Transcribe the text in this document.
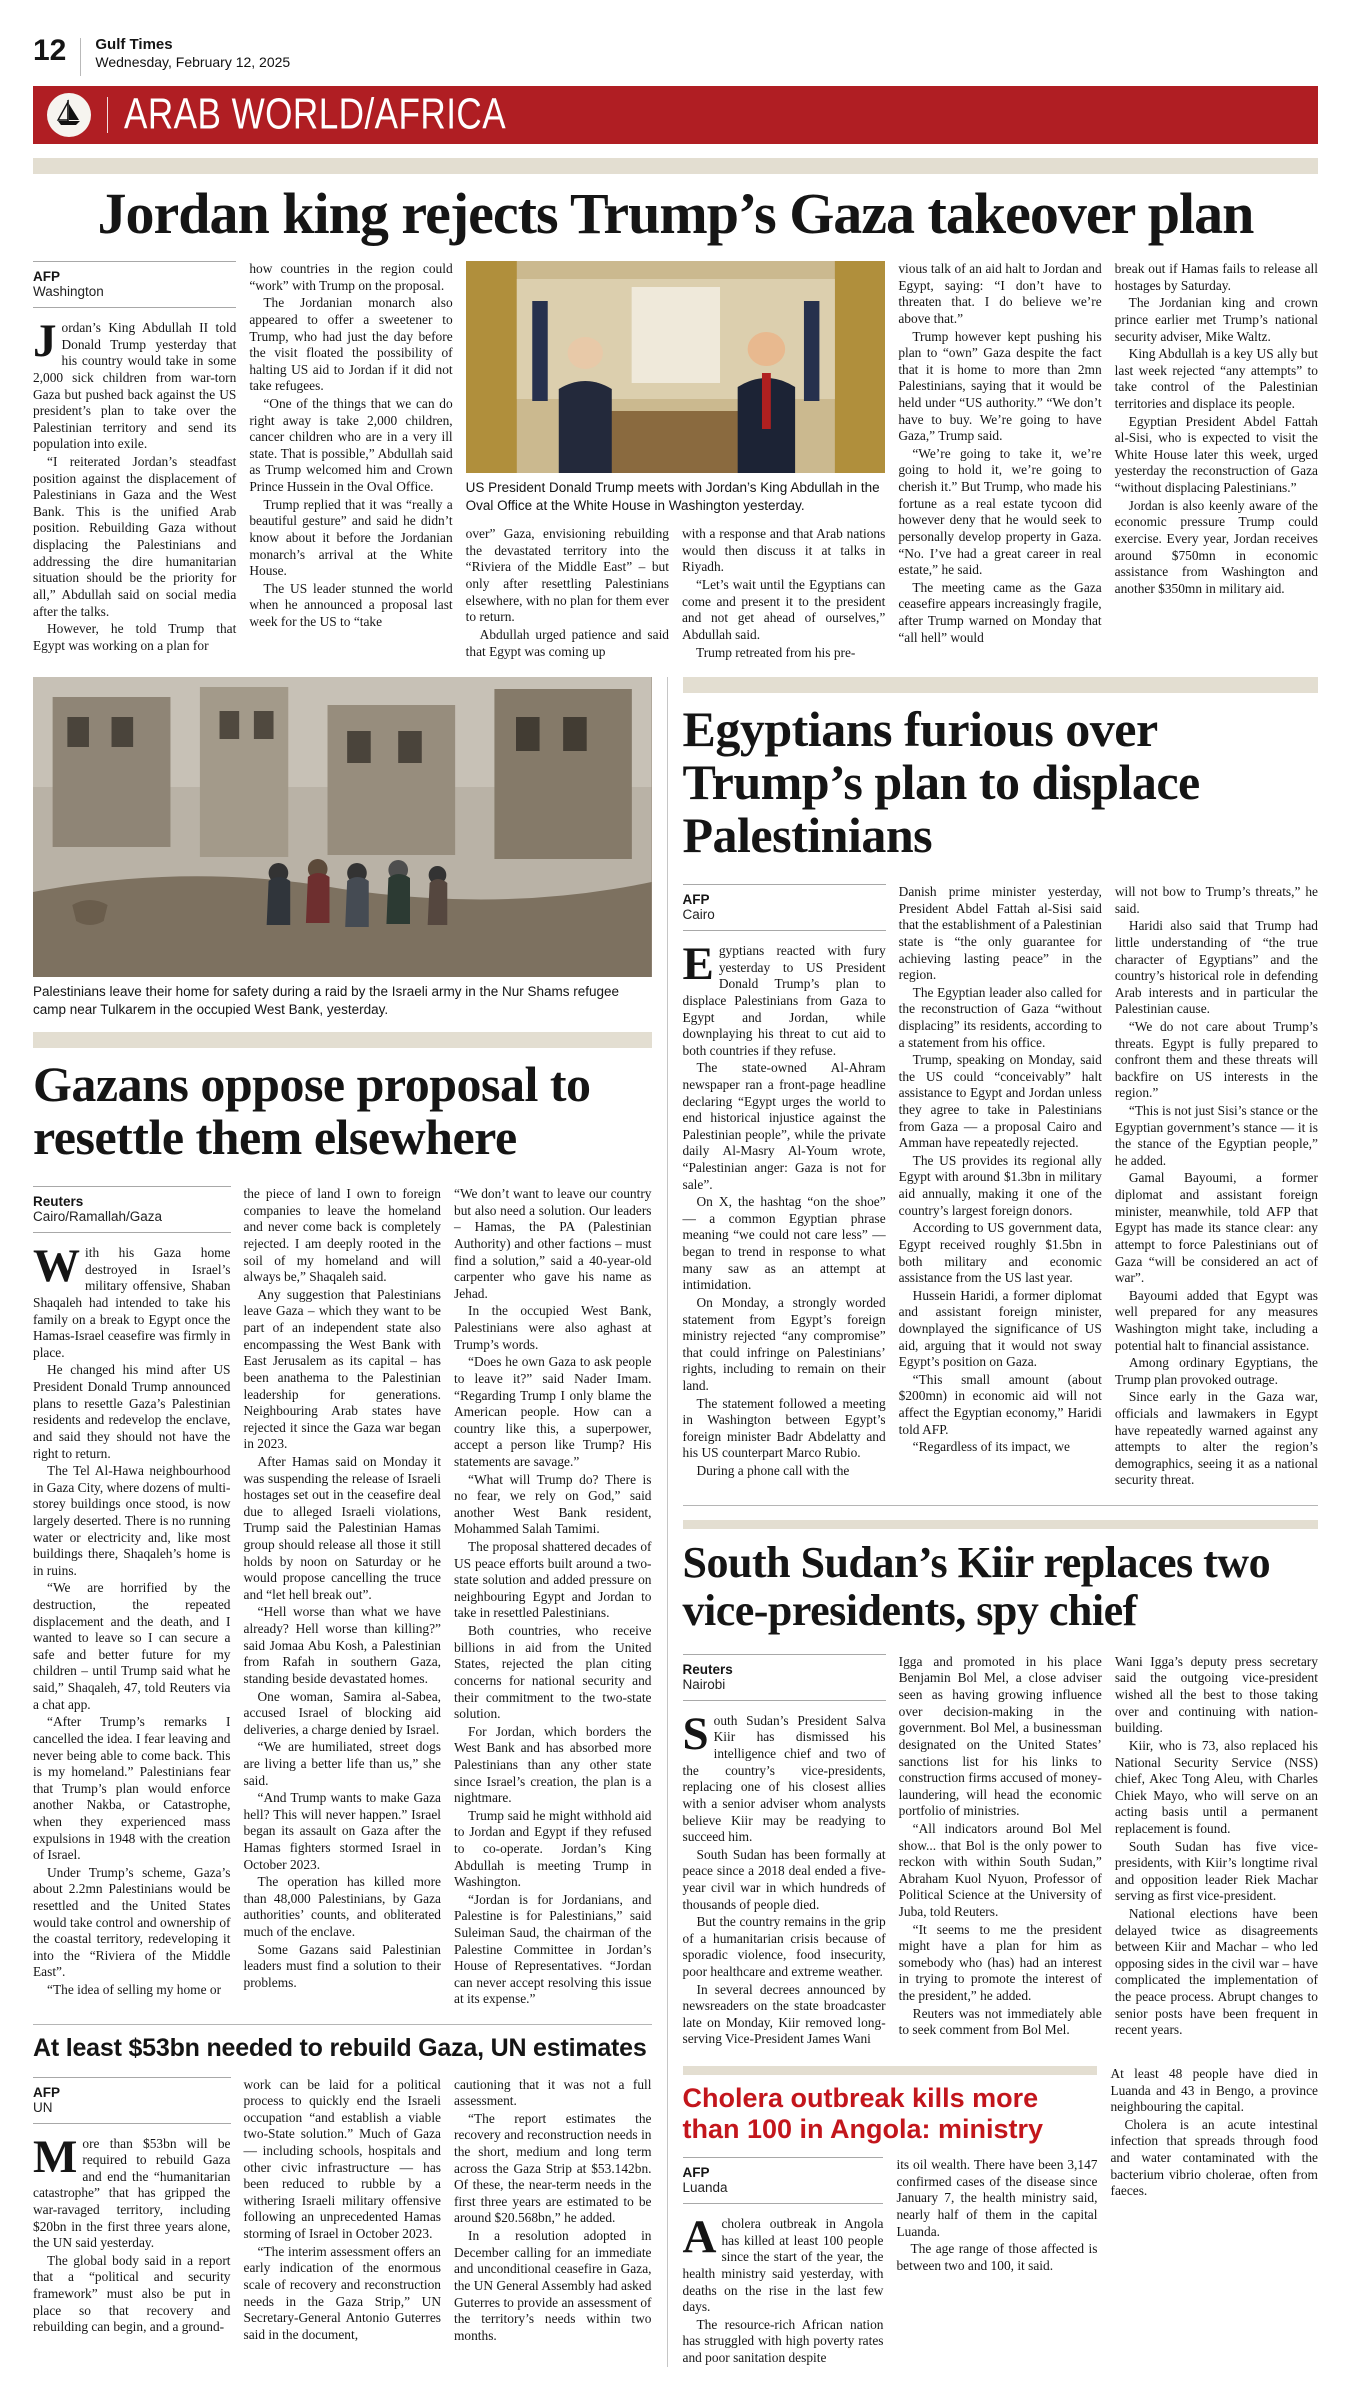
12 Gulf Times
Wednesday, February 12, 2025
ARAB WORLD/AFRICA
Jordan king rejects Trump’s Gaza takeover plan
AFP
Washington

Jordan’s King Abdullah II told Donald Trump yesterday that his country would take in some 2,000 sick children from war-torn Gaza but pushed back against the US president’s plan to take over the Palestinian territory and send its population into exile.

“I reiterated Jordan’s steadfast position against the displacement of Palestinians in Gaza and the West Bank. This is the unified Arab position. Rebuilding Gaza without displacing the Palestinians and addressing the dire humanitarian situation should be the priority for all,” Abdullah said on social media after the talks.

However, he told Trump that Egypt was working on a plan for

how countries in the region could “work” with Trump on the proposal.

The Jordanian monarch also appeared to offer a sweetener to Trump, who had just the day before the visit floated the possibility of halting US aid to Jordan if it did not take refugees.

“One of the things that we can do right away is take 2,000 children, cancer children who are in a very ill state. That is possible,” Abdullah said as Trump welcomed him and Crown Prince Hussein in the Oval Office.

Trump replied that it was “really a beautiful gesture” and said he didn’t know about it before the Jordanian monarch’s arrival at the White House.

The US leader stunned the world when he announced a proposal last week for the US to “take

US President Donald Trump meets with Jordan’s King Abdullah in the Oval Office at the White House in Washington yesterday.

over” Gaza, envisioning rebuilding the devastated territory into the “Riviera of the Middle East” – but only after resettling Palestinians elsewhere, with no plan for them ever to return.

Abdullah urged patience and said that Egypt was coming up

with a response and that Arab nations would then discuss it at talks in Riyadh.

“Let’s wait until the Egyptians can come and present it to the president and not get ahead of ourselves,” Abdullah said.

Trump retreated from his pre-

vious talk of an aid halt to Jordan and Egypt, saying: “I don’t have to threaten that. I do believe we’re above that.”

Trump however kept pushing his plan to “own” Gaza despite the fact that it is home to more than 2mn Palestinians, saying that it would be held under “US authority.” “We don’t have to buy. We’re going to have Gaza,” Trump said.

“We’re going to take it, we’re going to hold it, we’re going to cherish it.” But Trump, who made his fortune as a real estate tycoon did however deny that he would seek to personally develop property in Gaza. “No. I’ve had a great career in real estate,” he said.

The meeting came as the Gaza ceasefire appears increasingly fragile, after Trump warned on Monday that “all hell” would

break out if Hamas fails to release all hostages by Saturday.

The Jordanian king and crown prince earlier met Trump’s national security adviser, Mike Waltz.

King Abdullah is a key US ally but last week rejected “any attempts” to take control of the Palestinian territories and displace its people.

Egyptian President Abdel Fattah al-Sisi, who is expected to visit the White House later this week, urged yesterday the reconstruction of Gaza “without displacing Palestinians.”

Jordan is also keenly aware of the economic pressure Trump could exercise. Every year, Jordan receives around $750mn in economic assistance from Washington and another $350mn in military aid.

Palestinians leave their home for safety during a raid by the Israeli army in the Nur Shams refugee camp near Tulkarem in the occupied West Bank, yesterday.
Gazans oppose proposal to resettle them elsewhere
Reuters
Cairo/Ramallah/Gaza

With his Gaza home destroyed in Israel’s military offensive, Shaban Shaqaleh had intended to take his family on a break to Egypt once the Hamas-Israel ceasefire was firmly in place.

He changed his mind after US President Donald Trump announced plans to resettle Gaza’s Palestinian residents and redevelop the enclave, and said they should not have the right to return.

The Tel Al-Hawa neighbourhood in Gaza City, where dozens of multi-storey buildings once stood, is now largely deserted. There is no running water or electricity and, like most buildings there, Shaqaleh’s home is in ruins.

“We are horrified by the destruction, the repeated displacement and the death, and I wanted to leave so I can secure a safe and better future for my children – until Trump said what he said,” Shaqaleh, 47, told Reuters via a chat app.

“After Trump’s remarks I cancelled the idea. I fear leaving and never being able to come back. This is my homeland.” Palestinians fear that Trump’s plan would enforce another Nakba, or Catastrophe, when they experienced mass expulsions in 1948 with the creation of Israel.

Under Trump’s scheme, Gaza’s about 2.2mn Palestinians would be resettled and the United States would take control and ownership of the coastal territory, redeveloping it into the “Riviera of the Middle East”.

“The idea of selling my home or

the piece of land I own to foreign companies to leave the homeland and never come back is completely rejected. I am deeply rooted in the soil of my homeland and will always be,” Shaqaleh said.

Any suggestion that Palestinians leave Gaza – which they want to be part of an independent state also encompassing the West Bank with East Jerusalem as its capital – has been anathema to the Palestinian leadership for generations. Neighbouring Arab states have rejected it since the Gaza war began in 2023.

After Hamas said on Monday it was suspending the release of Israeli hostages set out in the ceasefire deal due to alleged Israeli violations, Trump said the Palestinian Hamas group should release all those it still holds by noon on Saturday or he would propose cancelling the truce and “let hell break out”.

“Hell worse than what we have already? Hell worse than killing?” said Jomaa Abu Kosh, a Palestinian from Rafah in southern Gaza, standing beside devastated homes.

One woman, Samira al-Sabea, accused Israel of blocking aid deliveries, a charge denied by Israel.

“We are humiliated, street dogs are living a better life than us,” she said.

“And Trump wants to make Gaza hell? This will never happen.” Israel began its assault on Gaza after the Hamas fighters stormed Israel in October 2023.

The operation has killed more than 48,000 Palestinians, by Gaza authorities’ counts, and obliterated much of the enclave.

Some Gazans said Palestinian leaders must find a solution to their problems.

“We don’t want to leave our country but also need a solution. Our leaders – Hamas, the PA (Palestinian Authority) and other factions – must find a solution,” said a 40-year-old carpenter who gave his name as Jehad.

In the occupied West Bank, Palestinians were also aghast at Trump’s words.

“Does he own Gaza to ask people to leave it?” said Nader Imam. “Regarding Trump I only blame the American people. How can a country like this, a superpower, accept a person like Trump? His statements are savage.”

“What will Trump do? There is no fear, we rely on God,” said another West Bank resident, Mohammed Salah Tamimi.

The proposal shattered decades of US peace efforts built around a two-state solution and added pressure on neighbouring Egypt and Jordan to take in resettled Palestinians.

Both countries, who receive billions in aid from the United States, rejected the plan citing concerns for national security and their commitment to the two-state solution.

For Jordan, which borders the West Bank and has absorbed more Palestinians than any other state since Israel’s creation, the plan is a nightmare.

Trump said he might withhold aid to Jordan and Egypt if they refused to co-operate. Jordan’s King Abdullah is meeting Trump in Washington.

“Jordan is for Jordanians, and Palestine is for Palestinians,” said Suleiman Saud, the chairman of the Palestine Committee in Jordan’s House of Representatives. “Jordan can never accept resolving this issue at its expense.”

At least $53bn needed to rebuild Gaza, UN estimates
AFP
UN

More than $53bn will be required to rebuild Gaza and end the “humanitarian catastrophe” that has gripped the war-ravaged territory, including $20bn in the first three years alone, the UN said yesterday.

The global body said in a report that a “political and security framework” must also be put in place so that recovery and rebuilding can begin, and a ground-

work can be laid for a political process to quickly end the Israeli occupation “and establish a viable two-State solution.” Much of Gaza — including schools, hospitals and other civic infrastructure — has been reduced to rubble by a withering Israeli military offensive following an unprecedented Hamas storming of Israel in October 2023.

“The interim assessment offers an early indication of the enormous scale of recovery and reconstruction needs in the Gaza Strip,” UN Secretary-General Antonio Guterres said in the document,

cautioning that it was not a full assessment.

“The report estimates the recovery and reconstruction needs in the short, medium and long term across the Gaza Strip at $53.142bn. Of these, the near-term needs in the first three years are estimated to be around $20.568bn,” he added.

In a resolution adopted in December calling for an immediate and unconditional ceasefire in Gaza, the UN General Assembly had asked Guterres to provide an assessment of the territory’s needs within two months.

Egyptians furious over Trump’s plan to displace Palestinians
AFP
Cairo

Egyptians reacted with fury yesterday to US President Donald Trump’s plan to displace Palestinians from Gaza to Egypt and Jordan, while downplaying his threat to cut aid to both countries if they refuse.

The state-owned Al-Ahram newspaper ran a front-page headline declaring “Egypt urges the world to end historical injustice against the Palestinian people”, while the private daily Al-Masry Al-Youm wrote, “Palestinian anger: Gaza is not for sale”.

On X, the hashtag “on the shoe” — a common Egyptian phrase meaning “we could not care less” — began to trend in response to what many saw as an attempt at intimidation.

On Monday, a strongly worded statement from Egypt’s foreign ministry rejected “any compromise” that could infringe on Palestinians’ rights, including to remain on their land.

The statement followed a meeting in Washington between Egypt’s foreign minister Badr Abdelatty and his US counterpart Marco Rubio.

During a phone call with the

Danish prime minister yesterday, President Abdel Fattah al-Sisi said that the establishment of a Palestinian state is “the only guarantee for achieving lasting peace” in the region.

The Egyptian leader also called for the reconstruction of Gaza “without displacing” its residents, according to a statement from his office.

Trump, speaking on Monday, said the US could “conceivably” halt assistance to Egypt and Jordan unless they agree to take in Palestinians from Gaza — a proposal Cairo and Amman have repeatedly rejected.

The US provides its regional ally Egypt with around $1.3bn in military aid annually, making it one of the country’s largest foreign donors.

According to US government data, Egypt received roughly $1.5bn in both military and economic assistance from the US last year.

Hussein Haridi, a former diplomat and assistant foreign minister, downplayed the significance of US aid, arguing that it would not sway Egypt’s position on Gaza.

“This small amount (about $200mn) in economic aid will not affect the Egyptian economy,” Haridi told AFP.

“Regardless of its impact, we

will not bow to Trump’s threats,” he said.

Haridi also said that Trump had little understanding of “the true character of Egyptians” and the country’s historical role in defending Arab interests and in particular the Palestinian cause.

“We do not care about Trump’s threats. Egypt is fully prepared to confront them and these threats will backfire on US interests in the region.”

“This is not just Sisi’s stance or the Egyptian government’s stance — it is the stance of the Egyptian people,” he added.

Gamal Bayoumi, a former diplomat and assistant foreign minister, meanwhile, told AFP that Egypt has made its stance clear: any attempt to force Palestinians out of Gaza “will be considered an act of war”.

Bayoumi added that Egypt was well prepared for any measures Washington might take, including a potential halt to financial assistance.

Among ordinary Egyptians, the Trump plan provoked outrage.

Since early in the Gaza war, officials and lawmakers in Egypt have repeatedly warned against any attempts to alter the region’s demographics, seeing it as a national security threat.

South Sudan’s Kiir replaces two vice-presidents, spy chief
Reuters
Nairobi

South Sudan’s President Salva Kiir has dismissed his intelligence chief and two of the country’s vice-presidents, replacing one of his closest allies with a senior adviser whom analysts believe Kiir may be readying to succeed him.

South Sudan has been formally at peace since a 2018 deal ended a five-year civil war in which hundreds of thousands of people died.

But the country remains in the grip of a humanitarian crisis because of sporadic violence, food insecurity, poor healthcare and extreme weather.

In several decrees announced by newsreaders on the state broadcaster late on Monday, Kiir removed long-serving Vice-President James Wani

Igga and promoted in his place Benjamin Bol Mel, a close adviser seen as having growing influence over decision-making in the government. Bol Mel, a businessman designated on the United States’ sanctions list for his links to construction firms accused of money-laundering, will head the economic portfolio of ministries.

“All indicators around Bol Mel show... that Bol is the only power to reckon with within South Sudan,” Abraham Kuol Nyuon, Professor of Political Science at the University of Juba, told Reuters.

“It seems to me the president might have a plan for him as somebody who (has) had an interest in trying to promote the interest of the president,” he added.

Reuters was not immediately able to seek comment from Bol Mel.

Wani Igga’s deputy press secretary said the outgoing vice-president wished all the best to those taking over and continuing with nation-building.

Kiir, who is 73, also replaced his National Security Service (NSS) chief, Akec Tong Aleu, with Charles Chiek Mayo, who will serve on an acting basis until a permanent replacement is found.

South Sudan has five vice-presidents, with Kiir’s longtime rival and opposition leader Riek Machar serving as first vice-president.

National elections have been delayed twice as disagreements between Kiir and Machar – who led opposing sides in the civil war – have complicated the implementation of the peace process. Abrupt changes to senior posts have been frequent in recent years.

Cholera outbreak kills more than 100 in Angola: ministry
AFP
Luanda

Acholera outbreak in Angola has killed at least 100 people since the start of the year, the health ministry said yesterday, with deaths on the rise in the last few days.

The resource-rich African nation has struggled with high poverty rates and poor sanitation despite

its oil wealth. There have been 3,147 confirmed cases of the disease since January 7, the health ministry said, nearly half of them in the capital Luanda.

The age range of those affected is between two and 100, it said.

At least 48 people have died in Luanda and 43 in Bengo, a province neighbouring the capital.

Cholera is an acute intestinal infection that spreads through food and water contaminated with the bacterium vibrio cholerae, often from faeces.
